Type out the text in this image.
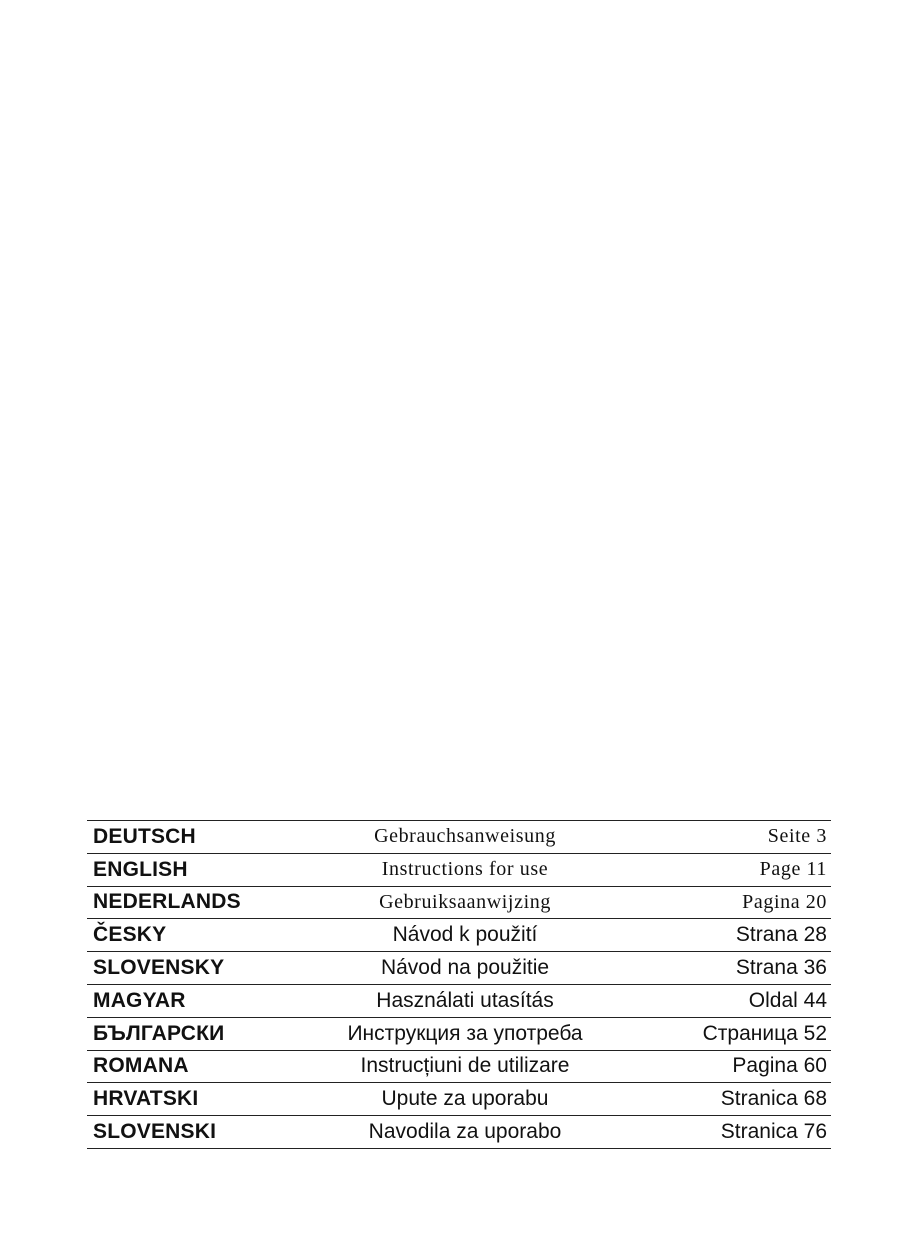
DEUTSCH	Gebrauchsanweisung	Seite 3
ENGLISH	Instructions for use	Page 11
NEDERLANDS	Gebruiksaanwijzing	Pagina 20
ČESKY	Návod k použití	Strana 28
SLOVENSKY	Návod na použitie	Strana 36
MAGYAR	Használati utasítás	Oldal 44
БЪЛГАРСКИ	Инструкция за употреба	Страница 52
ROMANA	Instrucțiuni de utilizare	Pagina 60
HRVATSKI	Upute za uporabu	Stranica 68
SLOVENSKI	Navodila za uporabo	Stranica 76
